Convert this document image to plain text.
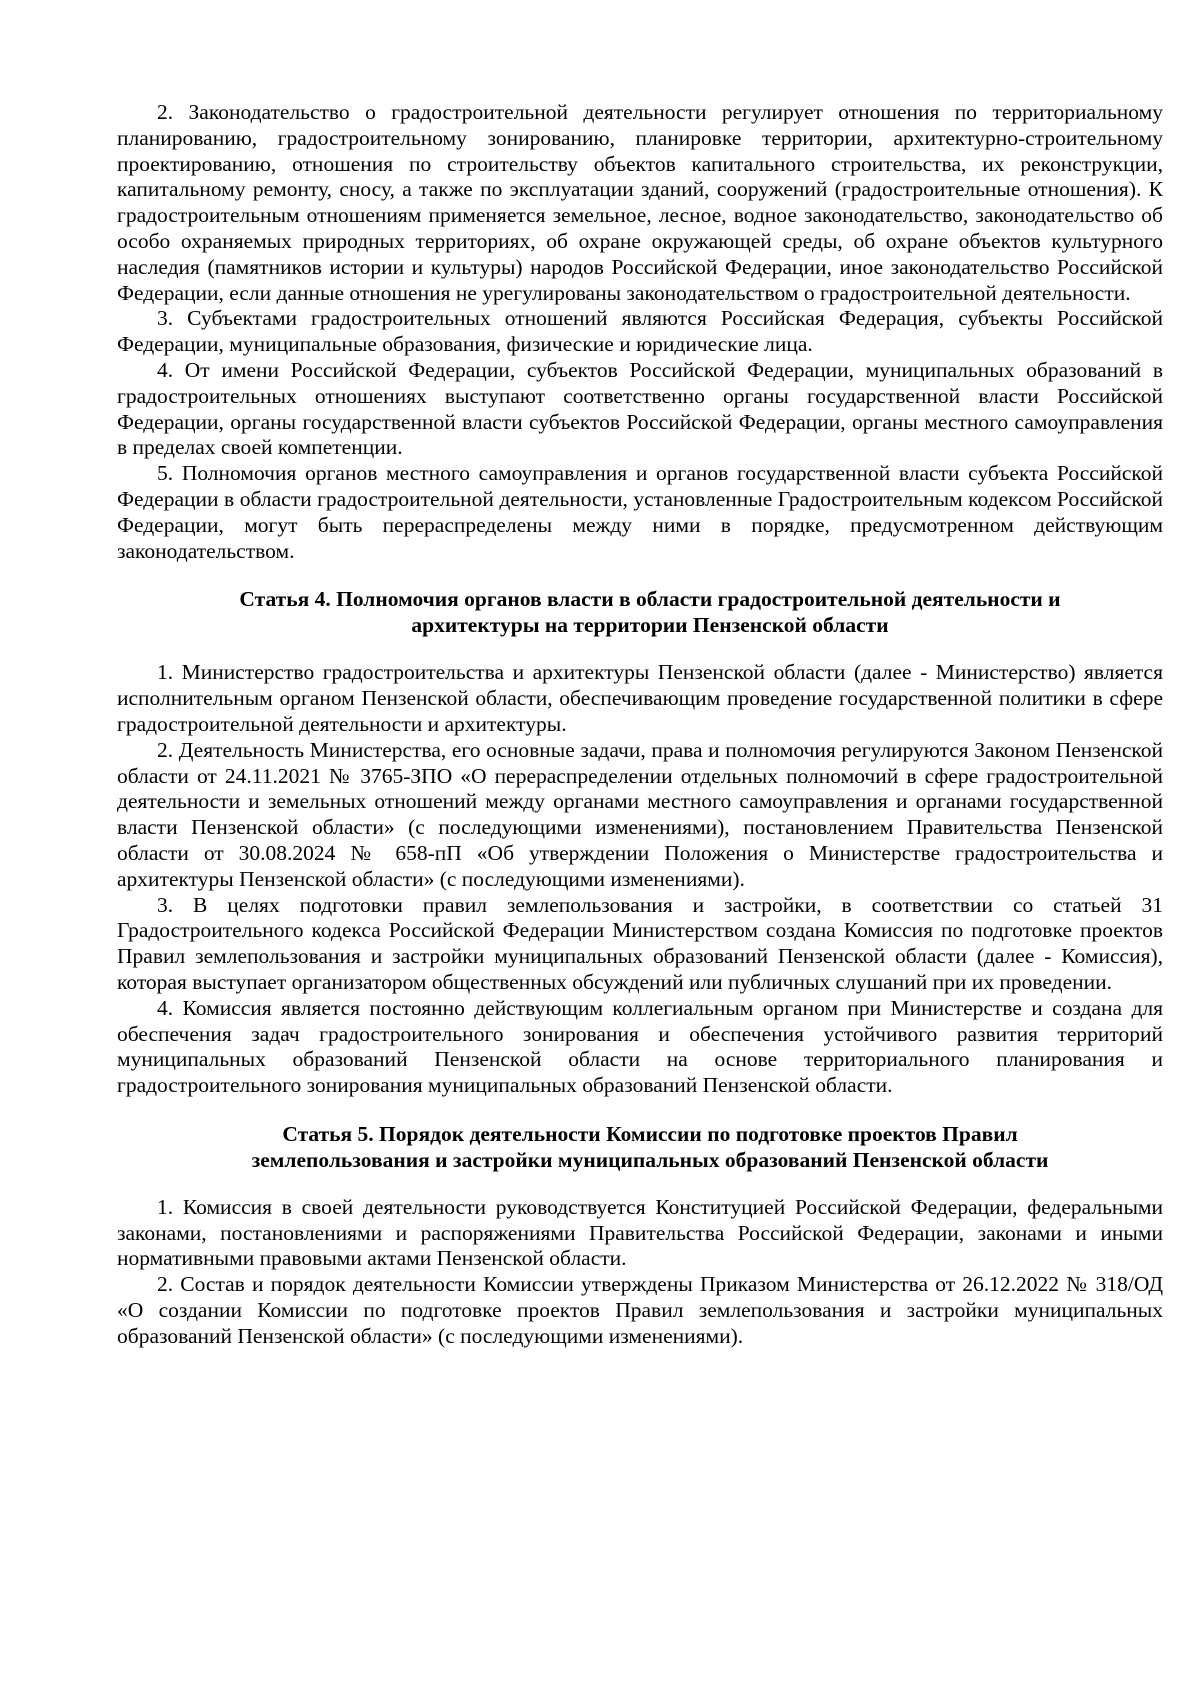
2. Законодательство о градостроительной деятельности регулирует отношения по территориальному планированию, градостроительному зонированию, планировке территории, архитектурно-строительному проектированию, отношения по строительству объектов капитального строительства, их реконструкции, капитальному ремонту, сносу, а также по эксплуатации зданий, сооружений (градостроительные отношения). К градостроительным отношениям применяется земельное, лесное, водное законодательство, законодательство об особо охраняемых природных территориях, об охране окружающей среды, об охране объектов культурного наследия (памятников истории и культуры) народов Российской Федерации, иное законодательство Российской Федерации, если данные отношения не урегулированы законодательством о градостроительной деятельности.

3. Субъектами градостроительных отношений являются Российская Федерация, субъекты Российской Федерации, муниципальные образования, физические и юридические лица.

4. От имени Российской Федерации, субъектов Российской Федерации, муниципальных образований в градостроительных отношениях выступают соответственно органы государственной власти Российской Федерации, органы государственной власти субъектов Российской Федерации, органы местного самоуправления в пределах своей компетенции.

5. Полномочия органов местного самоуправления и органов государственной власти субъекта Российской Федерации в области градостроительной деятельности, установленные Градостроительным кодексом Российской Федерации, могут быть перераспределены между ними в порядке, предусмотренном действующим законодательством.

Статья 4. Полномочия органов власти в области градостроительной деятельности и
архитектуры на территории Пензенской области

1. Министерство градостроительства и архитектуры Пензенской области (далее - Министерство) является исполнительным органом Пензенской области, обеспечивающим проведение государственной политики в сфере градостроительной деятельности и архитектуры.

2. Деятельность Министерства, его основные задачи, права и полномочия регулируются Законом Пензенской области от 24.11.2021 № 3765-ЗПО «О перераспределении отдельных полномочий в сфере градостроительной деятельности и земельных отношений между органами местного самоуправления и органами государственной власти Пензенской области» (с последующими изменениями), постановлением Правительства Пензенской области от 30.08.2024 № 658-пП «Об утверждении Положения о Министерстве градостроительства и архитектуры Пензенской области» (с последующими изменениями).

3. В целях подготовки правил землепользования и застройки, в соответствии со статьей 31 Градостроительного кодекса Российской Федерации Министерством создана Комиссия по подготовке проектов Правил землепользования и застройки муниципальных образований Пензенской области (далее - Комиссия), которая выступает организатором общественных обсуждений или публичных слушаний при их проведении.

4. Комиссия является постоянно действующим коллегиальным органом при Министерстве и создана для обеспечения задач градостроительного зонирования и обеспечения устойчивого развития территорий муниципальных образований Пензенской области на основе территориального планирования и градостроительного зонирования муниципальных образований Пензенской области.

Статья 5. Порядок деятельности Комиссии по подготовке проектов Правил
землепользования и застройки муниципальных образований Пензенской области

1. Комиссия в своей деятельности руководствуется Конституцией Российской Федерации, федеральными законами, постановлениями и распоряжениями Правительства Российской Федерации, законами и иными нормативными правовыми актами Пензенской области.

2. Состав и порядок деятельности Комиссии утверждены Приказом Министерства от 26.12.2022 № 318/ОД «О создании Комиссии по подготовке проектов Правил землепользования и застройки муниципальных образований Пензенской области» (с последующими изменениями).
